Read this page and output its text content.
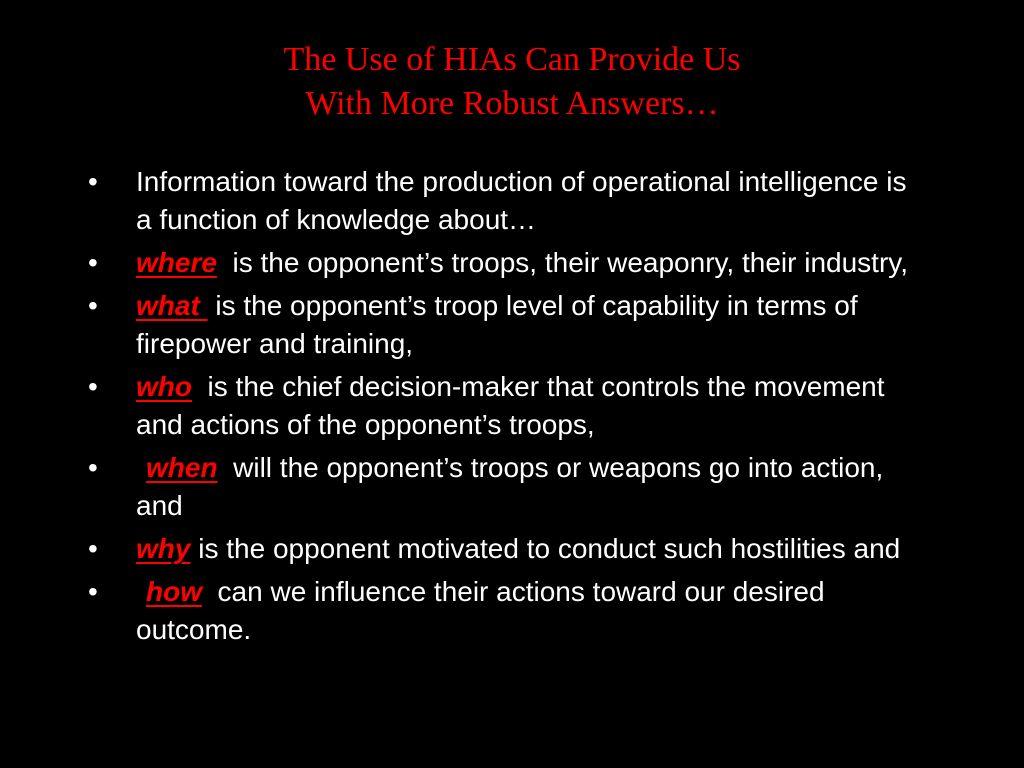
The Use of HIAs Can Provide Us
With More Robust Answers…
•	Information toward the production of operational intelligence is a function of knowledge about…
•	where  is the opponent’s troops, their weaponry, their industry,
•	what  is the opponent’s troop level of capability in terms of firepower and training,
•	who  is the chief decision-maker that controls the movement and actions of the opponent’s troops,
•	when  will the opponent’s troops or weapons go into action, and
•	why is the opponent motivated to conduct such hostilities and
•	how  can we influence their actions toward our desired outcome.
